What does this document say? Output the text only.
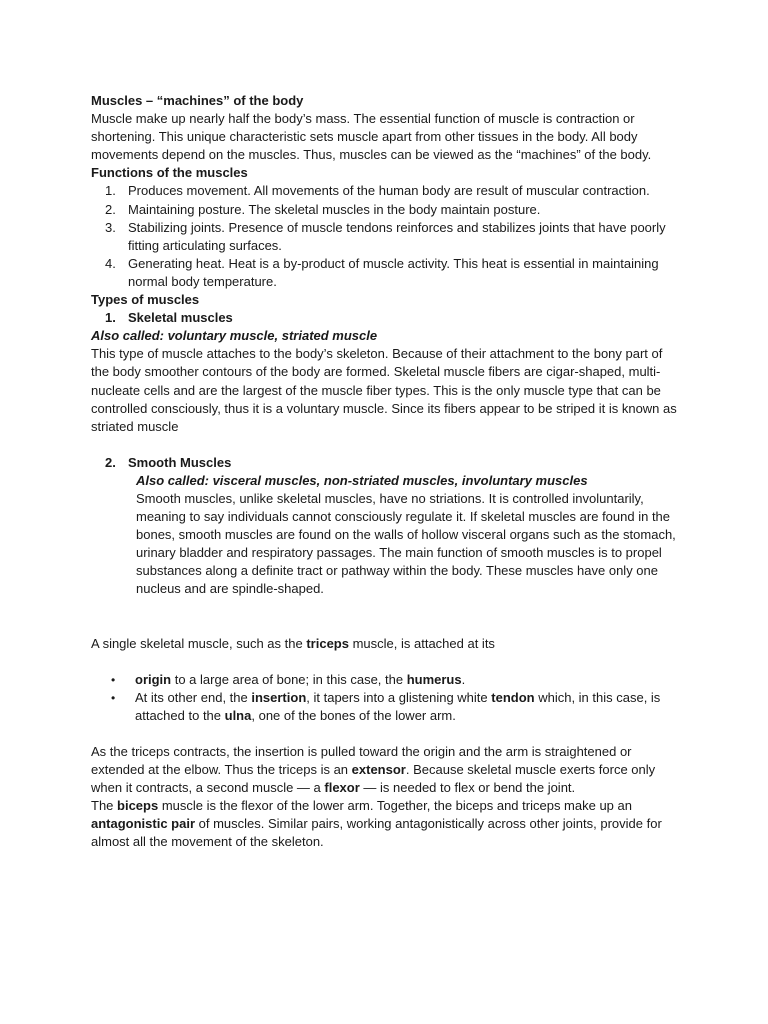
Muscles – “machines” of the body

Muscle make up nearly half the body’s mass. The essential function of muscle is contraction or shortening. This unique characteristic sets muscle apart from other tissues in the body. All body movements depend on the muscles. Thus, muscles can be viewed as the “machines” of the body.

Functions of the muscles

1. Produces movement. All movements of the human body are result of muscular contraction.
2. Maintaining posture. The skeletal muscles in the body maintain posture.
3. Stabilizing joints. Presence of muscle tendons reinforces and stabilizes joints that have poorly fitting articulating surfaces.
4. Generating heat. Heat is a by-product of muscle activity. This heat is essential in maintaining normal body temperature.

Types of muscles

1. Skeletal muscles

Also called: voluntary muscle, striated muscle

This type of muscle attaches to the body’s skeleton. Because of their attachment to the bony part of the body smoother contours of the body are formed. Skeletal muscle fibers are cigar-shaped, multi-nucleate cells and are the largest of the muscle fiber types. This is the only muscle type that can be controlled consciously, thus it is a voluntary muscle. Since its fibers appear to be striped it is known as striated muscle

2. Smooth Muscles

Also called: visceral muscles, non-striated muscles, involuntary muscles

Smooth muscles, unlike skeletal muscles, have no striations. It is controlled involuntarily, meaning to say individuals cannot consciously regulate it. If skeletal muscles are found in the bones, smooth muscles are found on the walls of hollow visceral organs such as the stomach, urinary bladder and respiratory passages. The main function of smooth muscles is to propel substances along a definite tract or pathway within the body. These muscles have only one nucleus and are spindle-shaped.

A single skeletal muscle, such as the triceps muscle, is attached at its

• origin to a large area of bone; in this case, the humerus.
• At its other end, the insertion, it tapers into a glistening white tendon which, in this case, is attached to the ulna, one of the bones of the lower arm.

As the triceps contracts, the insertion is pulled toward the origin and the arm is straightened or extended at the elbow. Thus the triceps is an extensor. Because skeletal muscle exerts force only when it contracts, a second muscle — a flexor — is needed to flex or bend the joint.

The biceps muscle is the flexor of the lower arm. Together, the biceps and triceps make up an antagonistic pair of muscles. Similar pairs, working antagonistically across other joints, provide for almost all the movement of the skeleton.
